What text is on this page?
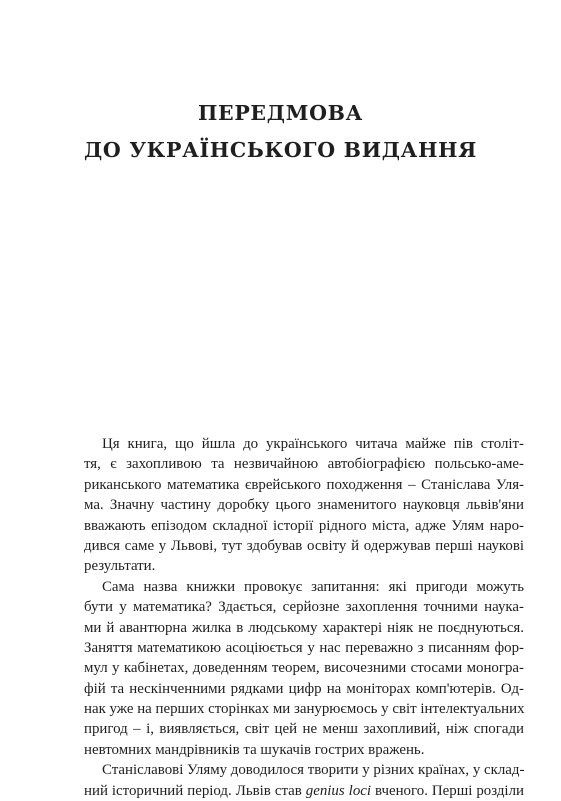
ПЕРЕДМОВА
ДО УКРАЇНСЬКОГО ВИДАННЯ
Ця книга, що йшла до українського читача майже пів століт-
тя, є захопливою та незвичайною автобіографією польсько-аме-
риканського математика єврейського походження – Станіслава Уля-
ма. Значну частину доробку цього знаменитого науковця львів'яни
вважають епізодом складної історії рідного міста, адже Улям наро-
дився саме у Львові, тут здобував освіту й одержував перші наукові
результати.
Сама назва книжки провокує запитання: які пригоди можуть
бути у математика? Здається, серйозне захоплення точними наука-
ми й авантюрна жилка в людському характері ніяк не поєднуються.
Заняття математикою асоціюється у нас переважно з писанням фор-
мул у кабінетах, доведенням теорем, височезними стосами моногра-
фій та нескінченними рядками цифр на моніторах комп'ютерів. Од-
нак уже на перших сторінках ми занурюємось у світ інтелектуальних
пригод – і, виявляється, світ цей не менш захопливий, ніж спогади
невтомних мандрівників та шукачів гострих вражень.
Станіславові Уляму доводилося творити у різних країнах, у склад-
ний історичний період. Львів став genius loci вченого. Перші розділи
